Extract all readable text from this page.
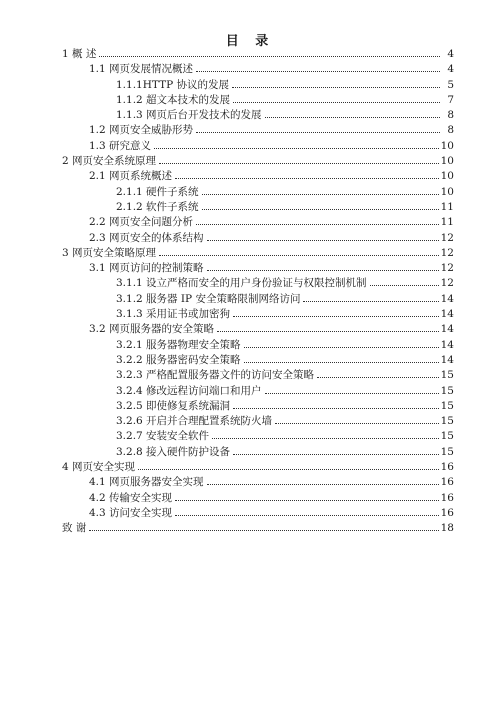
目 录
1 概 述	4
1.1 网页发展情况概述	4
1.1.1HTTP 协议的发展	5
1.1.2 超文本技术的发展	7
1.1.3 网页后台开发技术的发展	8
1.2 网页安全威胁形势	8
1.3 研究意义	10
2 网页安全系统原理	10
2.1 网页系统概述	10
2.1.1 硬件子系统	10
2.1.2 软件子系统	11
2.2 网页安全问题分析	11
2.3 网页安全的体系结构	12
3 网页安全策略原理	12
3.1 网页访问的控制策略	12
3.1.1 设立严格而安全的用户身份验证与权限控制机制	12
3.1.2 服务器 IP 安全策略限制网络访问	14
3.1.3 采用证书或加密狗	14
3.2 网页服务器的安全策略	14
3.2.1 服务器物理安全策略	14
3.2.2 服务器密码安全策略	14
3.2.3 严格配置服务器文件的访问安全策略	15
3.2.4 修改远程访问端口和用户	15
3.2.5 即使修复系统漏洞	15
3.2.6 开启并合理配置系统防火墙	15
3.2.7 安装安全软件	15
3.2.8 接入硬件防护设备	15
4 网页安全实现	16
4.1 网页服务器安全实现	16
4.2 传输安全实现	16
4.3 访问安全实现	16
致 谢	18
